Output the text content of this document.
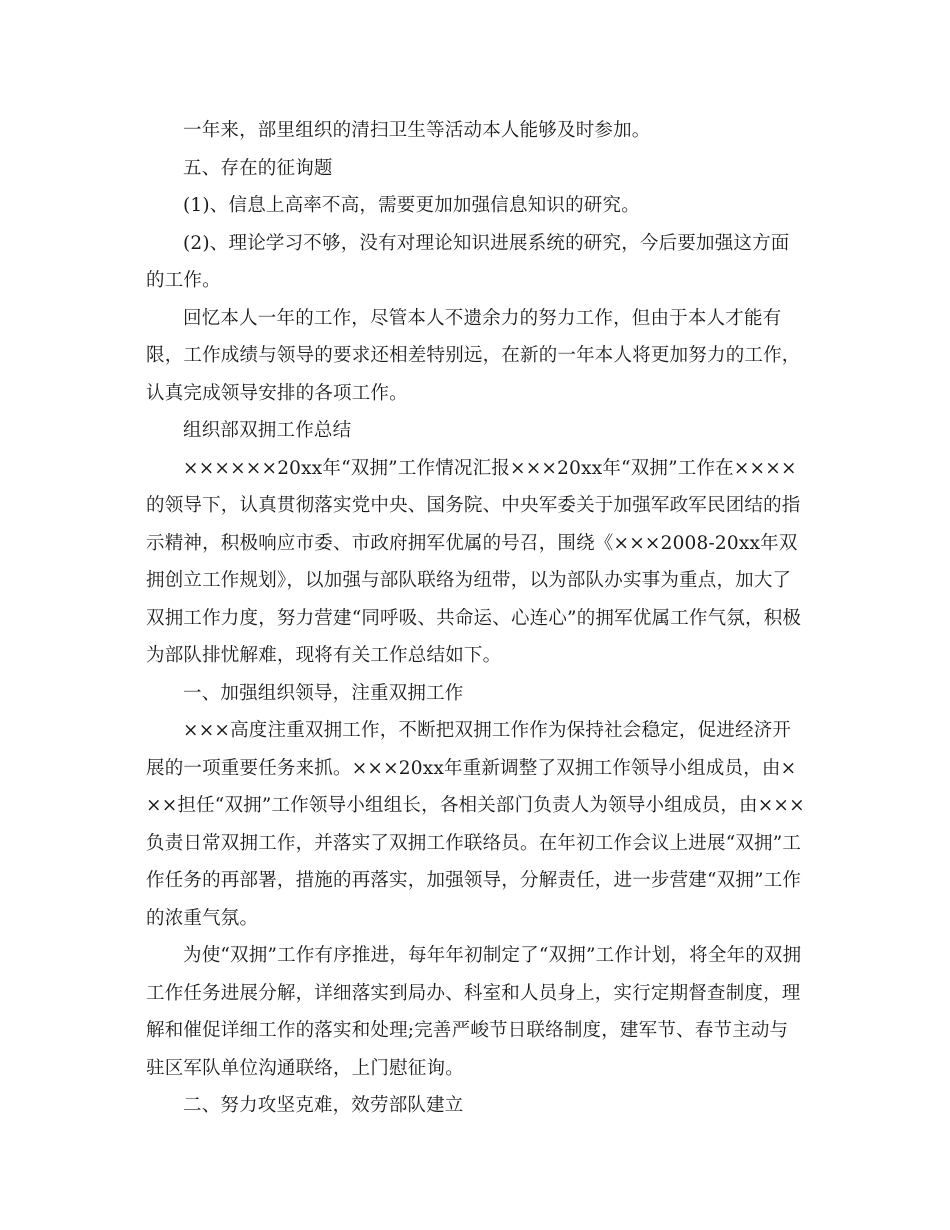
一年来，部里组织的清扫卫生等活动本人能够及时参加。

五、存在的征询题

(1)、信息上高率不高，需要更加加强信息知识的研究。

(2)、理论学习不够，没有对理论知识进展系统的研究，今后要加强这方面的工作。

回忆本人一年的工作，尽管本人不遗余力的努力工作，但由于本人才能有限，工作成绩与领导的要求还相差特别远，在新的一年本人将更加努力的工作，认真完成领导安排的各项工作。

组织部双拥工作总结

××××××20xx年“双拥”工作情况汇报×××20xx年“双拥”工作在××××的领导下，认真贯彻落实党中央、国务院、中央军委关于加强军政军民团结的指示精神，积极响应市委、市政府拥军优属的号召，围绕《×××2008-20xx年双拥创立工作规划》，以加强与部队联络为纽带，以为部队办实事为重点，加大了双拥工作力度，努力营建“同呼吸、共命运、心连心”的拥军优属工作气氛，积极为部队排忧解难，现将有关工作总结如下。

一、加强组织领导，注重双拥工作

×××高度注重双拥工作，不断把双拥工作作为保持社会稳定，促进经济开展的一项重要任务来抓。×××20xx年重新调整了双拥工作领导小组成员，由×××担任“双拥”工作领导小组组长，各相关部门负责人为领导小组成员，由×××负责日常双拥工作，并落实了双拥工作联络员。在年初工作会议上进展“双拥”工作任务的再部署，措施的再落实，加强领导，分解责任，进一步营建“双拥”工作的浓重气氛。

为使“双拥”工作有序推进，每年年初制定了“双拥”工作计划，将全年的双拥工作任务进展分解，详细落实到局办、科室和人员身上，实行定期督查制度，理解和催促详细工作的落实和处理;完善严峻节日联络制度，建军节、春节主动与驻区军队单位沟通联络，上门慰征询。

二、努力攻坚克难，效劳部队建立
